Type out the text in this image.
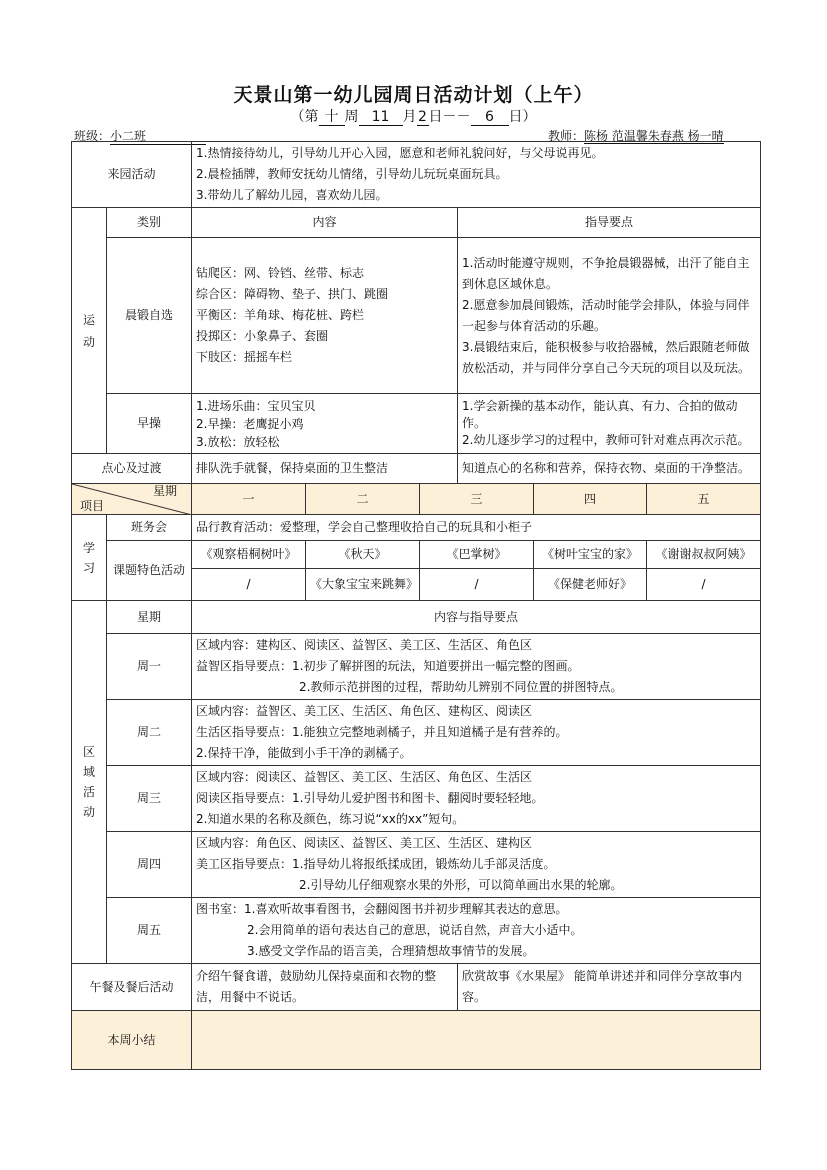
天景山第一幼儿园周日活动计划（上午）
（第 十 周 11 月 2 日－－ 6 日）
班级：小二班	教师：陈杨 范温馨朱春燕 杨一晴
来园活动		1.热情接待幼儿，引导幼儿开心入园，愿意和老师礼貌问好，与父母说再见。
2.晨检插牌，教师安抚幼儿情绪，引导幼儿玩玩桌面玩具。
3.带幼儿了解幼儿园，喜欢幼儿园。					

运动	类别	内容			指导要点		
	晨锻自选	钻爬区：网、铃铛、丝带、标志
综合区：障碍物、垫子、拱门、跳圈
平衡区：羊角球、梅花桩、跨栏
投掷区：小象鼻子、套圈
下肢区：摇摇车栏			1.活动时能遵守规则，不争抢晨锻器械，出汗了能自主到休息区域休息。
2.愿意参加晨间锻炼，活动时能学会排队，体验与同伴一起参与体育活动的乐趣。
3.晨锻结束后，能积极参与收拾器械，然后跟随老师做放松活动，并与同伴分享自己今天玩的项目以及玩法。		

	早操	1.进场乐曲：宝贝宝贝
2.早操：老鹰捉小鸡
3.放松：放轻松			1.学会新操的基本动作，能认真、有力、合拍的做动作。
2.幼儿逐步学习的过程中，教师可针对难点再次示范。		

点心及过渡		排队洗手就餐，保持桌面的卫生整洁			知道点心的名称和营养，保持衣物、桌面的干净整洁。		

星期
项目		一	二	三		四	五

学习	班务会	品行教育活动：爱整理，学会自己整理收拾自己的玩具和小柜子					
	课题特色活动	《观察梧桐树叶》	《秋天》	《巴掌树》		《树叶宝宝的家》	《谢谢叔叔阿姨》
		/	《大象宝宝来跳舞》	/		《保健老师好》	/

区域活动	星期	内容与指导要点					
	周一	区域内容：建构区、阅读区、益智区、美工区、生活区、角色区
益智区指导要点：1.初步了解拼图的玩法，知道要拼出一幅完整的图画。
2.教师示范拼图的过程，帮助幼儿辨别不同位置的拼图特点。					

	周二	区域内容：益智区、美工区、生活区、角色区、建构区、阅读区
生活区指导要点：1.能独立完整地剥橘子，并且知道橘子是有营养的。
2.保持干净，能做到小手干净的剥橘子。					

	周三	区域内容：阅读区、益智区、美工区、生活区、角色区、生活区
阅读区指导要点：1.引导幼儿爱护图书和图卡、翻阅时要轻轻地。
2.知道水果的名称及颜色，练习说“xx的xx”短句。					

	周四	区域内容：角色区、阅读区、益智区、美工区、生活区、建构区
美工区指导要点：1.指导幼儿将报纸揉成团，锻炼幼儿手部灵活度。
2.引导幼儿仔细观察水果的外形，可以简单画出水果的轮廓。					

	周五	图书室：1.喜欢听故事看图书，会翻阅图书并初步理解其表达的意思。
2.会用简单的语句表达自己的意思，说话自然，声音大小适中。
3.感受文学作品的语言美，合理猜想故事情节的发展。					

午餐及餐后活动		介绍午餐食谱，鼓励幼儿保持桌面和衣物的整洁，用餐中不说话。			欣赏故事《水果屋》 能简单讲述并和同伴分享故事内容。		
本周小结							
